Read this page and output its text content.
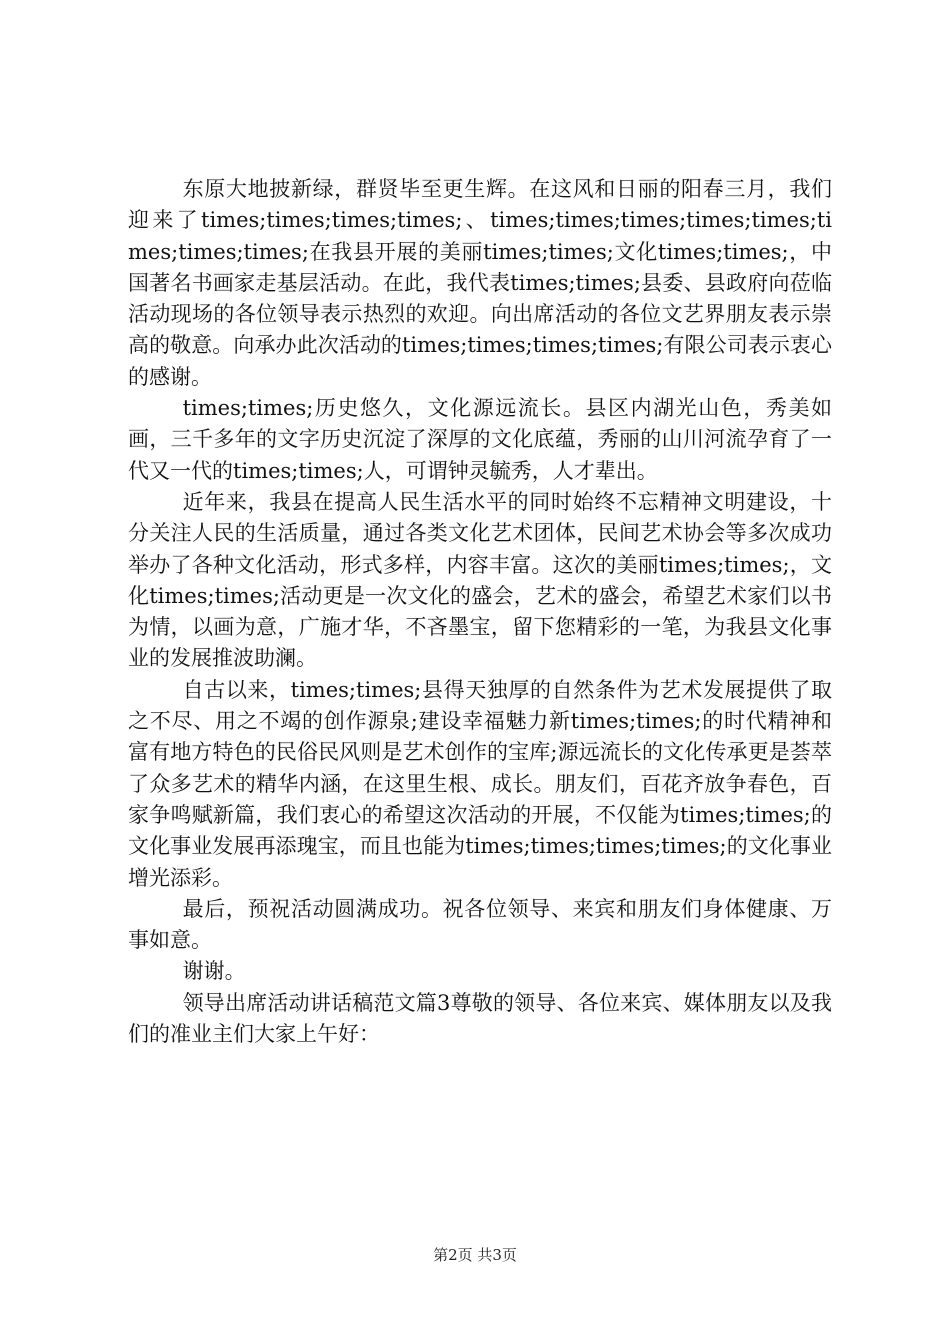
东原大地披新绿，群贤毕至更生辉。在这风和日丽的阳春三月，我们迎来了times;times;times;times;、times;times;times;times;times;times;times;times;在我县开展的美丽times;times;文化times;times;，中国著名书画家走基层活动。在此，我代表times;times;县委、县政府向莅临活动现场的各位领导表示热烈的欢迎。向出席活动的各位文艺界朋友表示崇高的敬意。向承办此次活动的times;times;times;times;有限公司表示衷心的感谢。

times;times;历史悠久，文化源远流长。县区内湖光山色，秀美如画，三千多年的文字历史沉淀了深厚的文化底蕴，秀丽的山川河流孕育了一代又一代的times;times;人，可谓钟灵毓秀，人才辈出。

近年来，我县在提高人民生活水平的同时始终不忘精神文明建设，十分关注人民的生活质量，通过各类文化艺术团体，民间艺术协会等多次成功举办了各种文化活动，形式多样，内容丰富。这次的美丽times;times;，文化times;times;活动更是一次文化的盛会，艺术的盛会，希望艺术家们以书为情，以画为意，广施才华，不吝墨宝，留下您精彩的一笔，为我县文化事业的发展推波助澜。

自古以来，times;times;县得天独厚的自然条件为艺术发展提供了取之不尽、用之不竭的创作源泉;建设幸福魅力新times;times;的时代精神和富有地方特色的民俗民风则是艺术创作的宝库;源远流长的文化传承更是荟萃了众多艺术的精华内涵，在这里生根、成长。朋友们，百花齐放争春色，百家争鸣赋新篇，我们衷心的希望这次活动的开展，不仅能为times;times;的文化事业发展再添瑰宝，而且也能为times;times;times;times;的文化事业增光添彩。

最后，预祝活动圆满成功。祝各位领导、来宾和朋友们身体健康、万事如意。

谢谢。

领导出席活动讲话稿范文篇3尊敬的领导、各位来宾、媒体朋友以及我们的准业主们大家上午好：

第2页 共3页
